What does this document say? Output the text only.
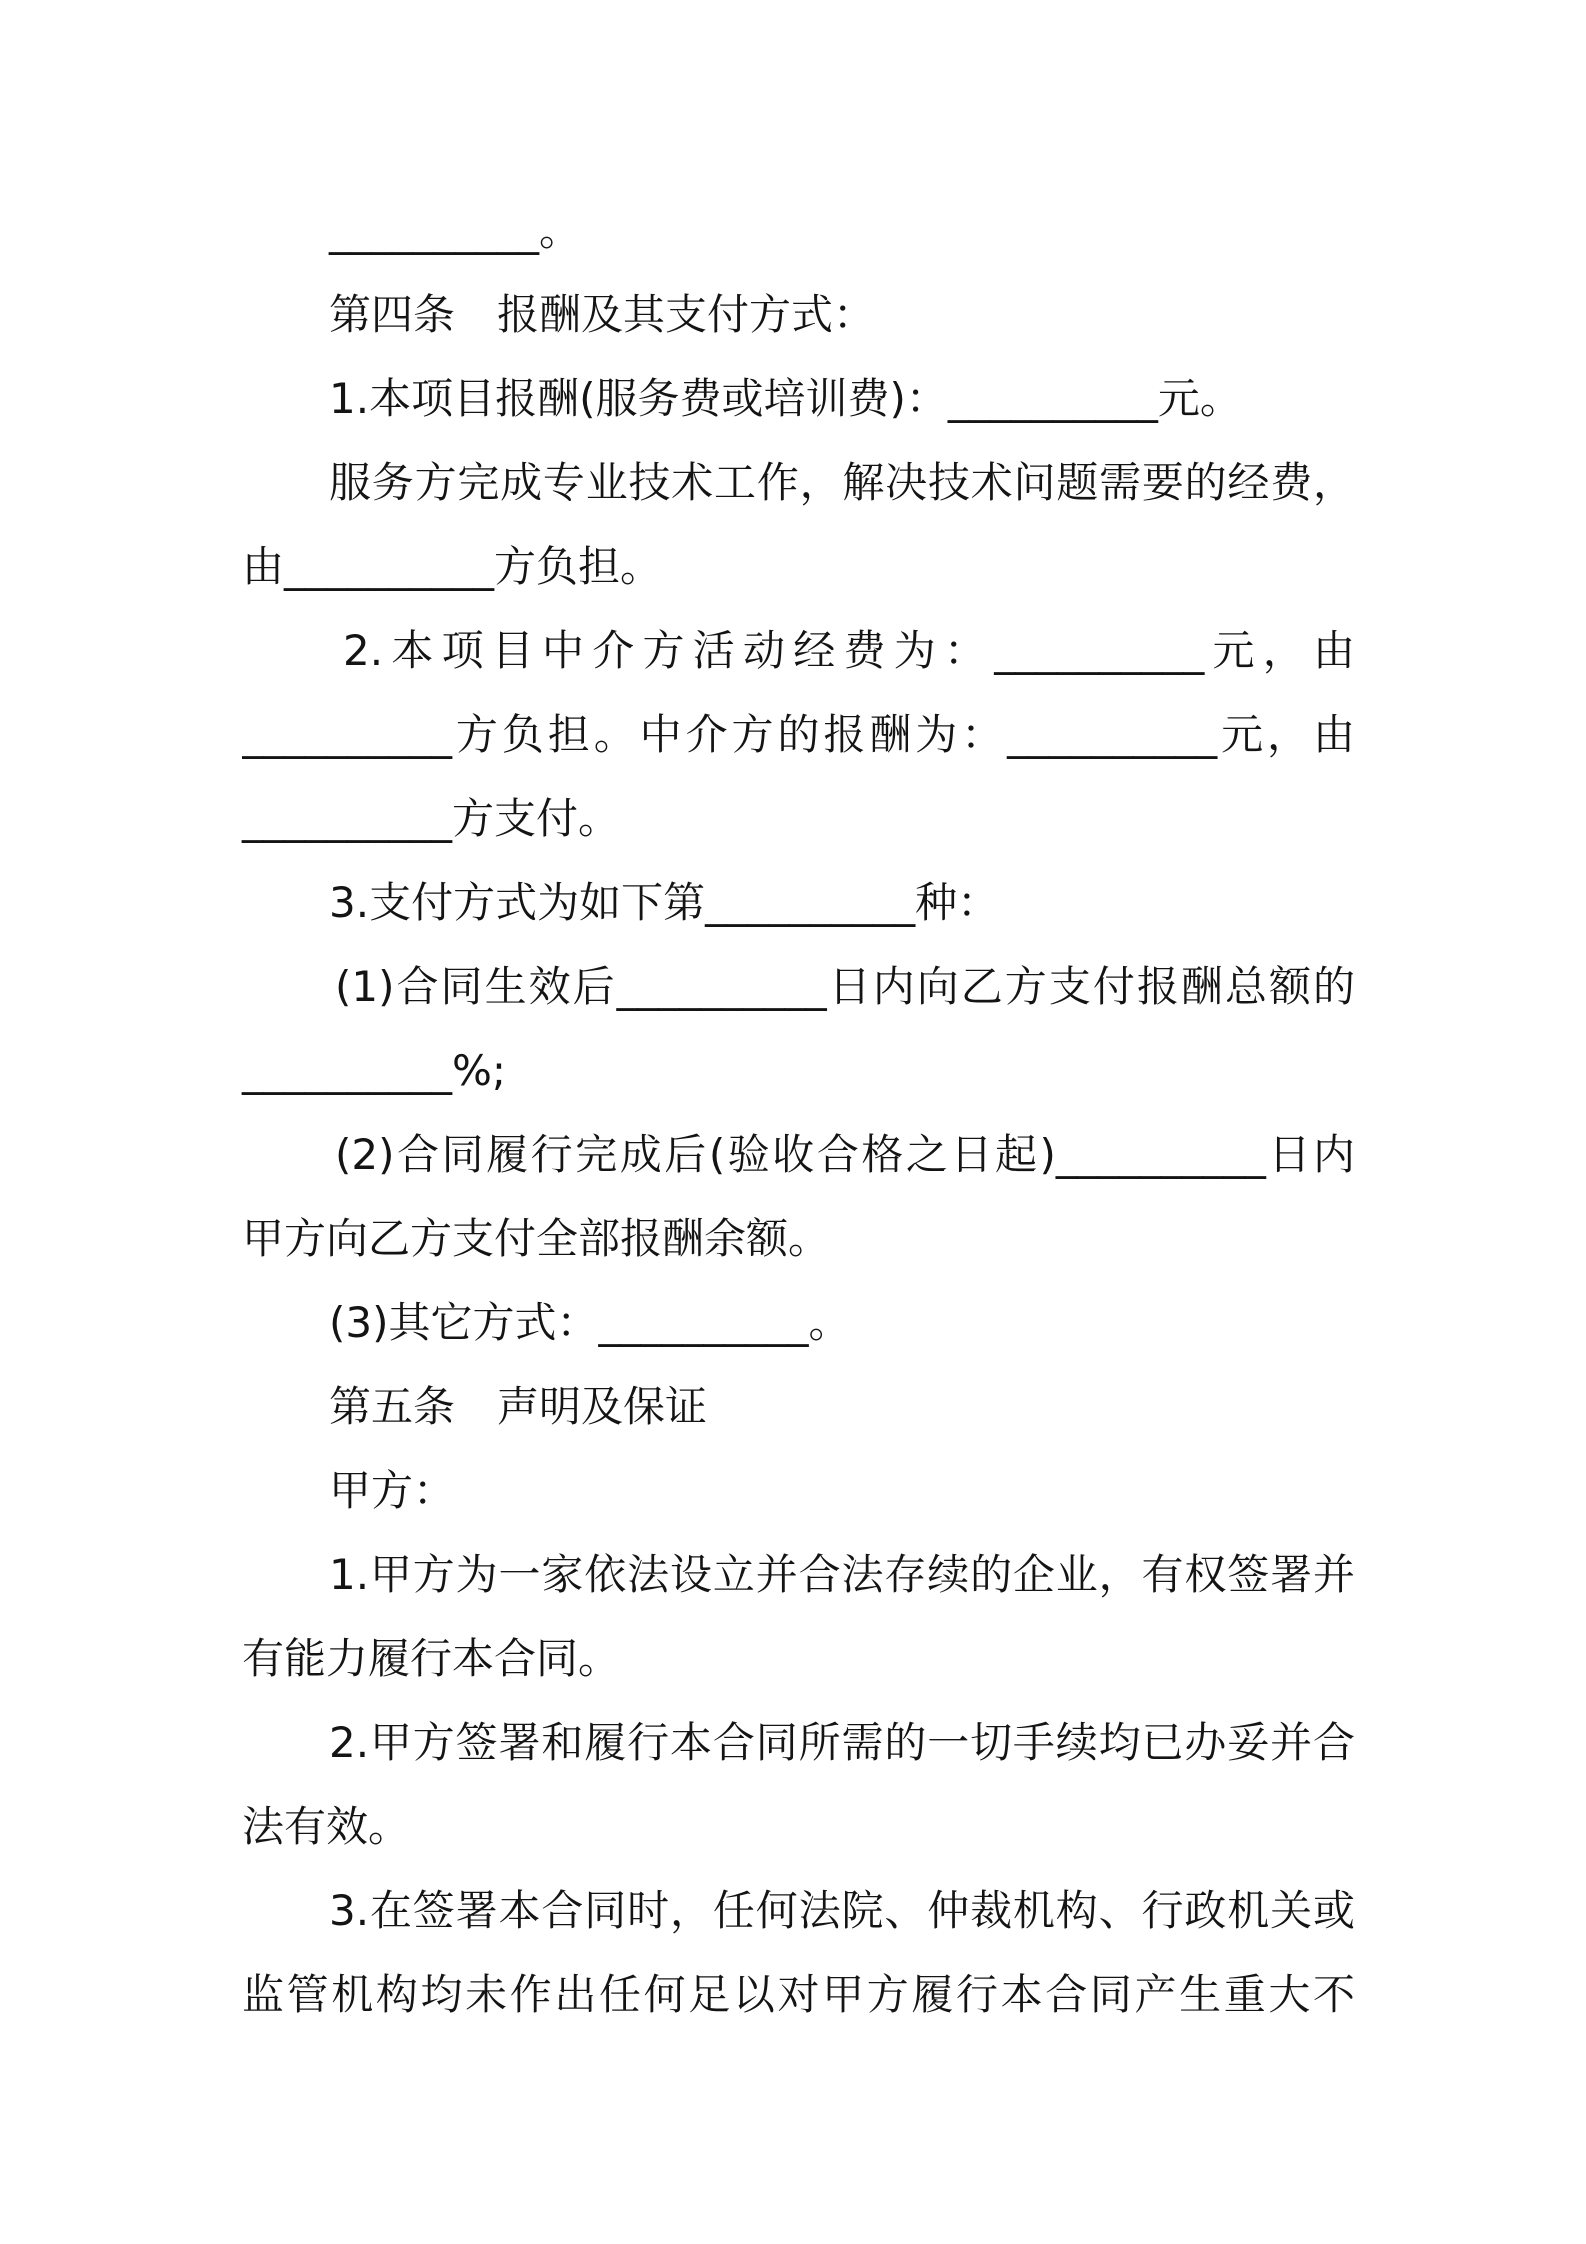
__________。
第四条　报酬及其支付方式：
1.本项目报酬(服务费或培训费)：__________元。
服务方完成专业技术工作，解决技术问题需要的经费，
由__________方负担。
2.本项目中介方活动经费为：__________元，由
__________方负担。中介方的报酬为：__________元，由
__________方支付。
3.支付方式为如下第__________种：
(1)合同生效后__________日内向乙方支付报酬总额的
__________%;
(2)合同履行完成后(验收合格之日起)__________日内
甲方向乙方支付全部报酬余额。
(3)其它方式：__________。
第五条　声明及保证
甲方：
1.甲方为一家依法设立并合法存续的企业，有权签署并
有能力履行本合同。
2.甲方签署和履行本合同所需的一切手续均已办妥并合
法有效。
3.在签署本合同时，任何法院、仲裁机构、行政机关或
监管机构均未作出任何足以对甲方履行本合同产生重大不
